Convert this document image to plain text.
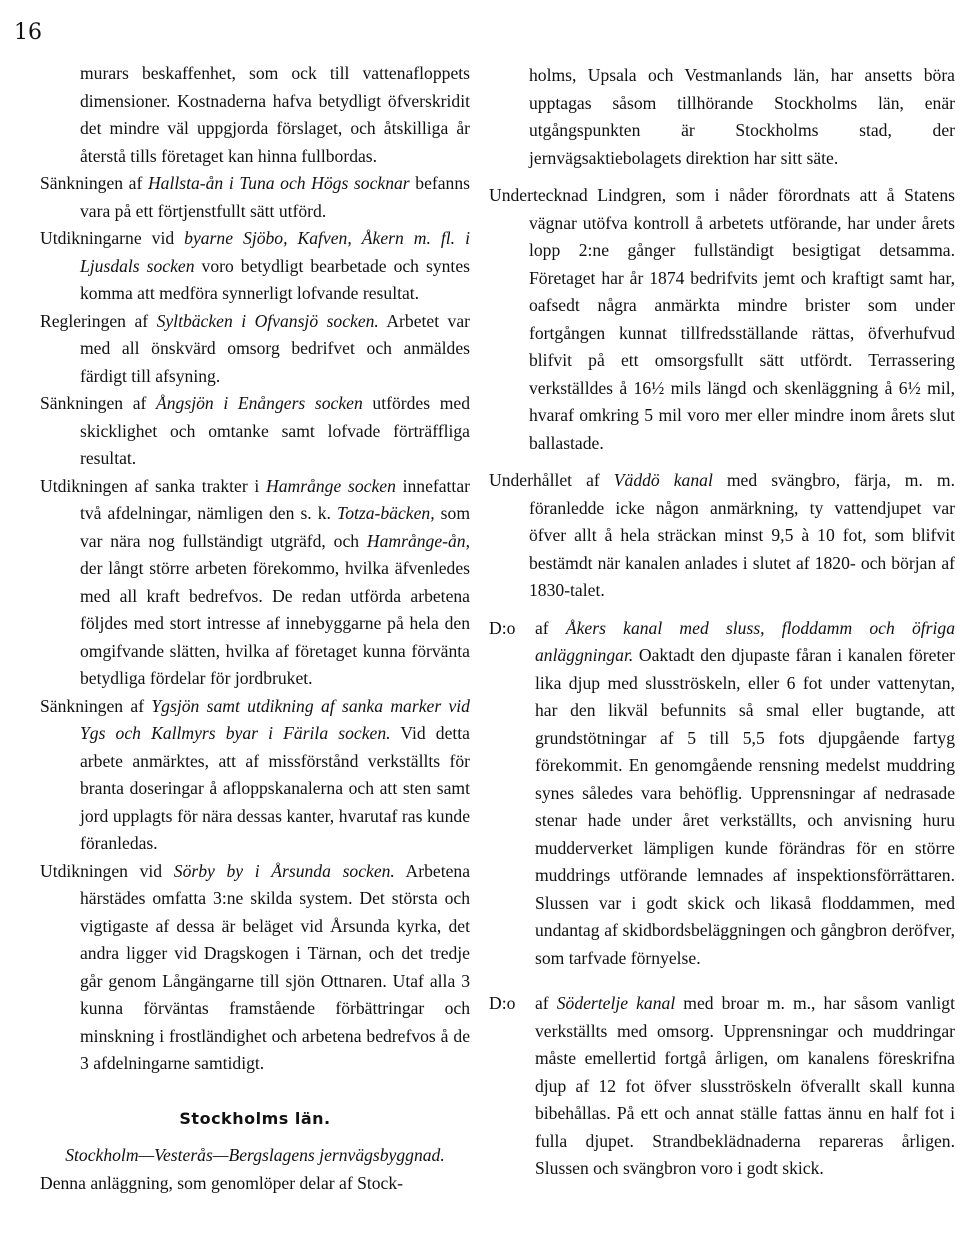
16

murars beskaffenhet, som ock till vattenafloppets dimensioner. Kostnaderna hafva betydligt öfverskridit det mindre väl uppgjorda förslaget, och åtskilliga år återstå tills företaget kan hinna fullbordas.

Sänkningen af Hallsta-ån i Tuna och Högs socknar befanns vara på ett förtjenstfullt sätt utförd.

Utdikningarne vid byarne Sjöbo, Kafven, Åkern m. fl. i Ljusdals socken voro betydligt bearbetade och syntes komma att medföra synnerligt lofvande resultat.

Regleringen af Syltbäcken i Ofvansjö socken. Arbetet var med all önskvärd omsorg bedrifvet och anmäldes färdigt till afsyning.

Sänkningen af Ångsjön i Enångers socken utfördes med skicklighet och omtanke samt lofvade förträffliga resultat.

Utdikningen af sanka trakter i Hamrånge socken innefattar två afdelningar, nämligen den s. k. Totza-bäcken, som var nära nog fullständigt utgräfd, och Hamrånge-ån, der långt större arbeten förekommo, hvilka äfvenledes med all kraft bedrefvos. De redan utförda arbetena följdes med stort intresse af innebyggarne på hela den omgifvande slätten, hvilka af företaget kunna förvänta betydliga fördelar för jordbruket.

Sänkningen af Ygsjön samt utdikning af sanka marker vid Ygs och Kallmyrs byar i Färila socken. Vid detta arbete anmärktes, att af missförstånd verkställts för branta doseringar å afloppskanalerna och att sten samt jord upplagts för nära dessas kanter, hvarutaf ras kunde föranledas.

Utdikningen vid Sörby by i Årsunda socken. Arbetena härstädes omfatta 3:ne skilda system. Det största och vigtigaste af dessa är beläget vid Årsunda kyrka, det andra ligger vid Dragskogen i Tärnan, och det tredje går genom Långängarne till sjön Ottnaren. Utaf alla 3 kunna förväntas framstående förbättringar och minskning i frostländighet och arbetena bedrefvos å de 3 afdelningarne samtidigt.

Stockholms län.

Stockholm—Vesterås—Bergslagens jernvägsbyggnad.

Denna anläggning, som genomlöper delar af Stock-

holms, Upsala och Vestmanlands län, har ansetts böra upptagas såsom tillhörande Stockholms län, enär utgångspunkten är Stockholms stad, der jernvägsaktiebolagets direktion har sitt säte.

Undertecknad Lindgren, som i nåder förordnats att å Statens vägnar utöfva kontroll å arbetets utförande, har under årets lopp 2:ne gånger fullständigt besigtigat detsamma. Företaget har år 1874 bedrifvits jemt och kraftigt samt har, oafsedt några anmärkta mindre brister som under fortgången kunnat tillfredsställande rättas, öfverhufvud blifvit på ett omsorgsfullt sätt utfördt. Terrassering verkställdes å 16½ mils längd och skenläggning å 6½ mil, hvaraf omkring 5 mil voro mer eller mindre inom årets slut ballastade.

Underhållet af Väddö kanal med svängbro, färja, m. m. föranledde icke någon anmärkning, ty vattendjupet var öfver allt å hela sträckan minst 9,5 à 10 fot, som blifvit bestämdt när kanalen anlades i slutet af 1820- och början af 1830-talet.

D:o af Åkers kanal med sluss, floddamm och öfriga anläggningar. Oaktadt den djupaste fåran i kanalen företer lika djup med slusströskeln, eller 6 fot under vattenytan, har den likväl befunnits så smal eller bugtande, att grundstötningar af 5 till 5,5 fots djupgående fartyg förekommit. En genomgående rensning medelst muddring synes således vara behöflig. Upprensningar af nedrasade stenar hade under året verkställts, och anvisning huru mudderverket lämpligen kunde förändras för en större muddrings utförande lemnades af inspektionsförrättaren. Slussen var i godt skick och likaså floddammen, med undantag af skidbordsbeläggningen och gångbron deröfver, som tarfvade förnyelse.
D:o af Södertelje kanal med broar m. m., har såsom vanligt verkställts med omsorg. Upprensningar och muddringar måste emellertid fortgå årligen, om kanalens föreskrifna djup af 12 fot öfver slusströskeln öfverallt skall kunna bibehållas. På ett och annat ställe fattas ännu en half fot i fulla djupet. Strandbeklädnaderna repareras årligen. Slussen och svängbron voro i godt skick.
